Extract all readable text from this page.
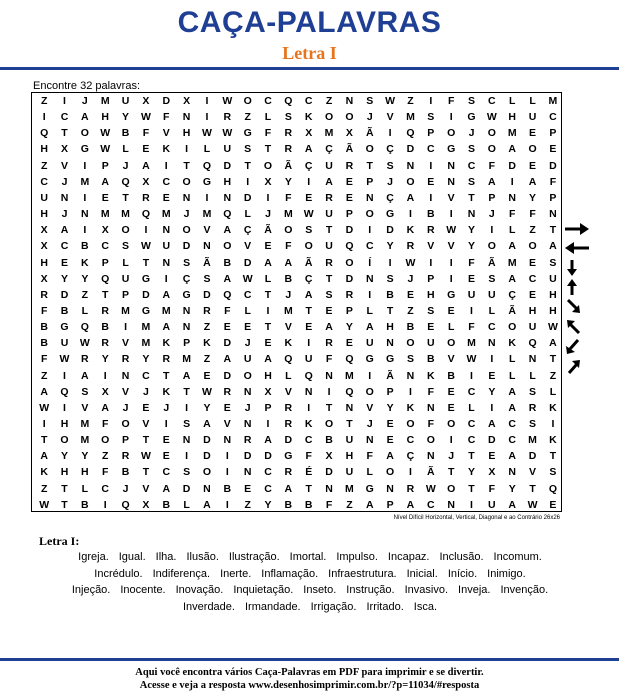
CAÇA-PALAVRAS
Letra I
Encontre 32 palavras:
Z	I	J	M	U	X	D	X	I	W	O	C	Q	C	Z	N	S	W	Z	I	F	S	C	L	L	M
I	C	A	H	Y	W	F	N	I	R	Z	L	S	K	O	O	J	V	M	S	I	G	W	H	U	C
Q	T	O	W	B	F	V	H	W W	G	F	R	X	M	X	Ã	I	Q	P	O	J	O	M	E	P
H	X	G	W	L	E	K	I	L	U	S	T	R	A	Ç	Ã	O	Ç	D	C	G	S	O	A	O	E
Z	V	I	P	J	A	I	T	Q	D	T	O	Ã	Ç	U	R	T	S	N	I	N	C	F	D	E	D
C	J	M	A	Q	X	C	O	G	H	I	X	Y	I	A	E	P	J	O	E	N	S	A	I	A	F
U	N	I	E	T	R	E	N	I	N	D	I	F	E	R	E	N	Ç	A	I	V	T	P	N	Y	P
H	J	N	M	M	Q	M	J	M	Q	L	J	M	W	U	P	O	G	I	B	I	N	J	F	F	N
X	A	I	X	O	I	N	O	V	A	Ç	Ã	O	S	T	D	I	D	K	R	W	Y	I	L	Z	T
X	C	B	C	S	W	U	D	N	O	V	E	F	O	U	Q	C	Y	R	V	V	Y	O	A	O	A
H	E	K	P	L	T	N	S	Ã	B	D	A	A	Ã	R	O	Í	I	W	I	I	F	Ã	M	E	S
X	Y	Y	Q	U	G	I	Ç	S	A	W	L	B	Ç	T	D	N	S	J	P	I	E	S	A	C	U
R	D	Z	T	P	D	A	G	D	Q	C	T	J	A	S	R	I	B	E	H	G	U	U	Ç	E	H
F	B	L	R	M	G	M	N	R	F	L	I	M	T	E	P	L	T	Z	S	E	I	L	Ã	H	H
B	G	Q	B	I	M	A	N	Z	E	E	T	V	E	A	Y	A	H	B	E	L	F	C	O	U	W
B	U	W	R	V	M	K	P	K	D	J	E	K	I	R	E	U	N	O	U	O	M	N	K	Q	A
F	W	R	Y	R	Y	R	M	Z	A	U	A	Q	U	F	Q	G	G	S	B	V	W	I	L	N	T
Z	I	A	I	N	C	T	A	E	D	O	H	L	Q	N	M	I	Ã	N	K	B	I	E	L	L	Z
A	Q	S	X	V	J	K	T	W	R	N	X	V	N	I	Q	O	P	I	F	E	C	Y	A	S	L
W	I	V	A	J	E	J	I	Y	E	J	P	R	I	T	N	V	Y	K	N	E	L	I	A	R	K
I	H	M	F	O	V	I	S	A	V	N	I	R	K	O	T	J	E	O	F	O	C	A	C	S	I
T	O	M	O	P	T	E	N	D	N	R	A	D	C	B	U	N	E	C	O	I	C	D	C	M	K
A	Y	Y	Z	R	W	E	I	D	I	D	D	G	F	X	H	F	A	Ç	N	J	T	E	A	D	T
K	H	H	F	B	T	C	S	O	I	N	C	R	É	D	U	L	O	I	Ã	T	Y	X	N	V	S
Z	T	L	C	J	V	A	D	N	B	E	C	A	T	N	M	G	N	R	W	O	T	F	Y	T	Q
W	T	B	I	Q	X	B	L	A	I	Z	Y	B	B	F	Z	A	P	A	C	N	I	U	A	W	E
Nível Difícil Horizontal, Vertical, Diagonal e ao Contrário 26x26
Letra I:
Igreja. Igual. Ilha. Ilusão. Ilustração. Imortal. Impulso. Incapaz. Inclusão. Incomum.
Incrédulo. Indiferença. Inerte. Inflamação. Infraestrutura. Inicial. Início. Inimigo.
Injeção. Inocente. Inovação. Inquietação. Inseto. Instrução. Invasivo. Inveja. Invenção.
Inverdade. Irmandade. Irrigação. Irritado. Isca.
Aqui você encontra vários Caça-Palavras em PDF para imprimir e se divertir.
Acesse e veja a resposta www.desenhosimprimir.com.br/?p=11034/#resposta
